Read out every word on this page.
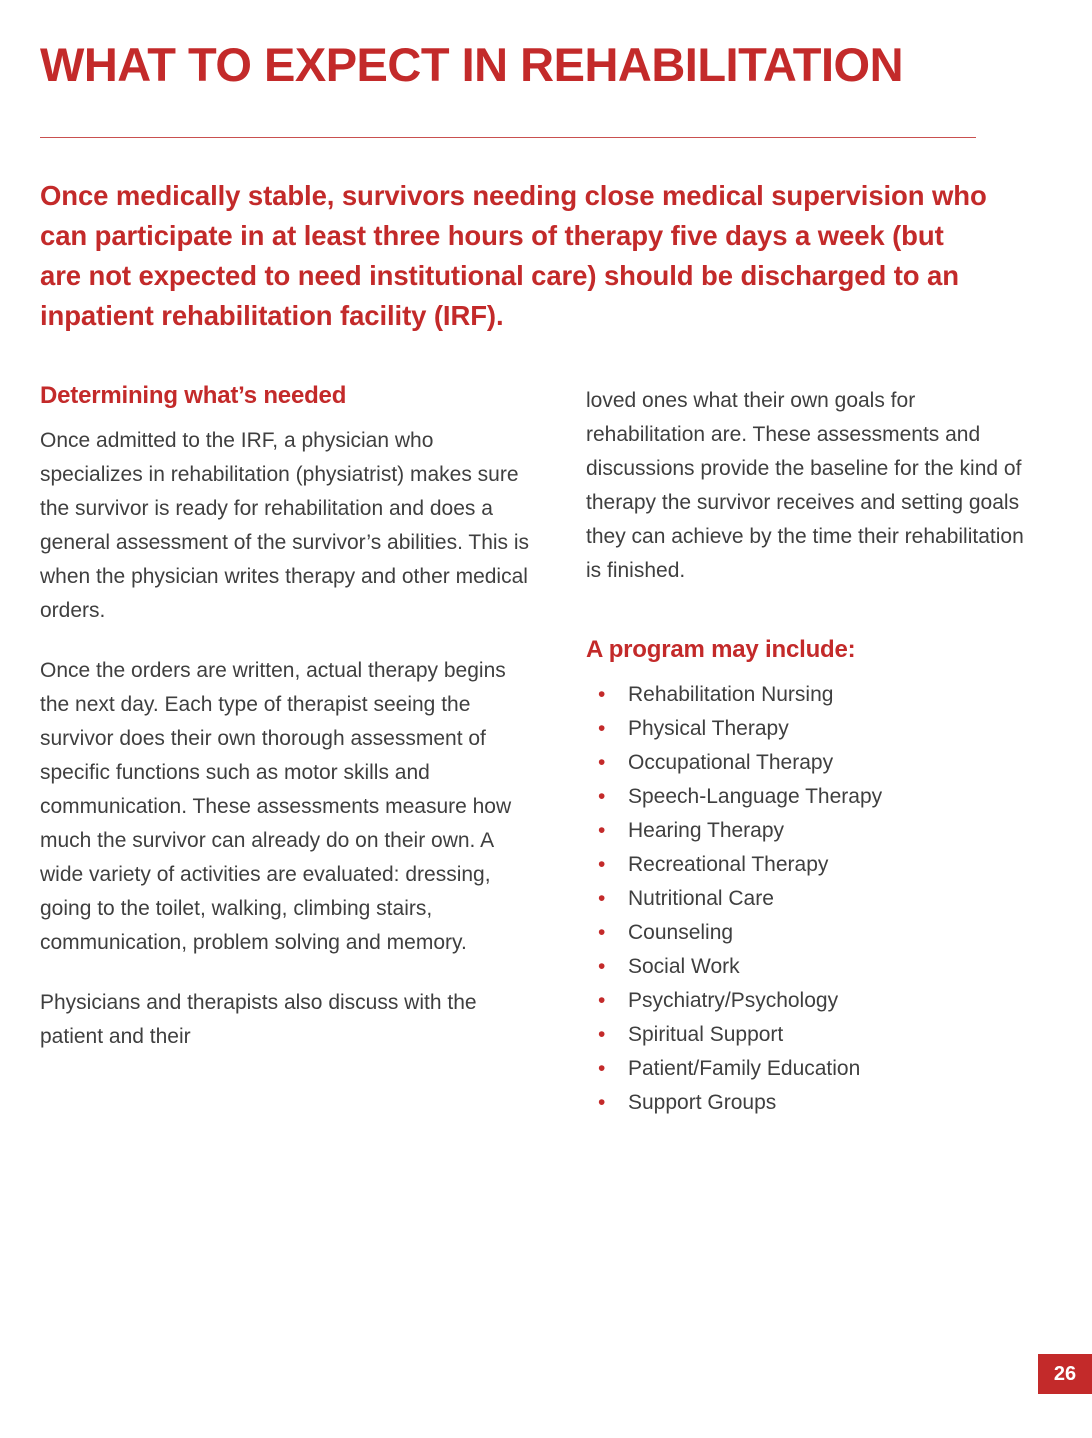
WHAT TO EXPECT IN REHABILITATION

Once medically stable, survivors needing close medical supervision who can participate in at least three hours of therapy five days a week (but are not expected to need institutional care) should be discharged to an inpatient rehabilitation facility (IRF).

Determining what’s needed

Once admitted to the IRF, a physician who specializes in rehabilitation (physiatrist) makes sure the survivor is ready for rehabilitation and does a general assessment of the survivor’s abilities. This is when the physician writes therapy and other medical orders.

Once the orders are written, actual therapy begins the next day. Each type of therapist seeing the survivor does their own thorough assessment of specific functions such as motor skills and communication. These assessments measure how much the survivor can already do on their own. A wide variety of activities are evaluated: dressing, going to the toilet, walking, climbing stairs, communication, problem solving and memory.

Physicians and therapists also discuss with the patient and their

loved ones what their own goals for rehabilitation are. These assessments and discussions provide the baseline for the kind of therapy the survivor receives and setting goals they can achieve by the time their rehabilitation is finished.

A program may include:
• Rehabilitation Nursing
• Physical Therapy
• Occupational Therapy
• Speech-Language Therapy
• Hearing Therapy
• Recreational Therapy
• Nutritional Care
• Counseling
• Social Work
• Psychiatry/Psychology
• Spiritual Support
• Patient/Family Education
• Support Groups
26
